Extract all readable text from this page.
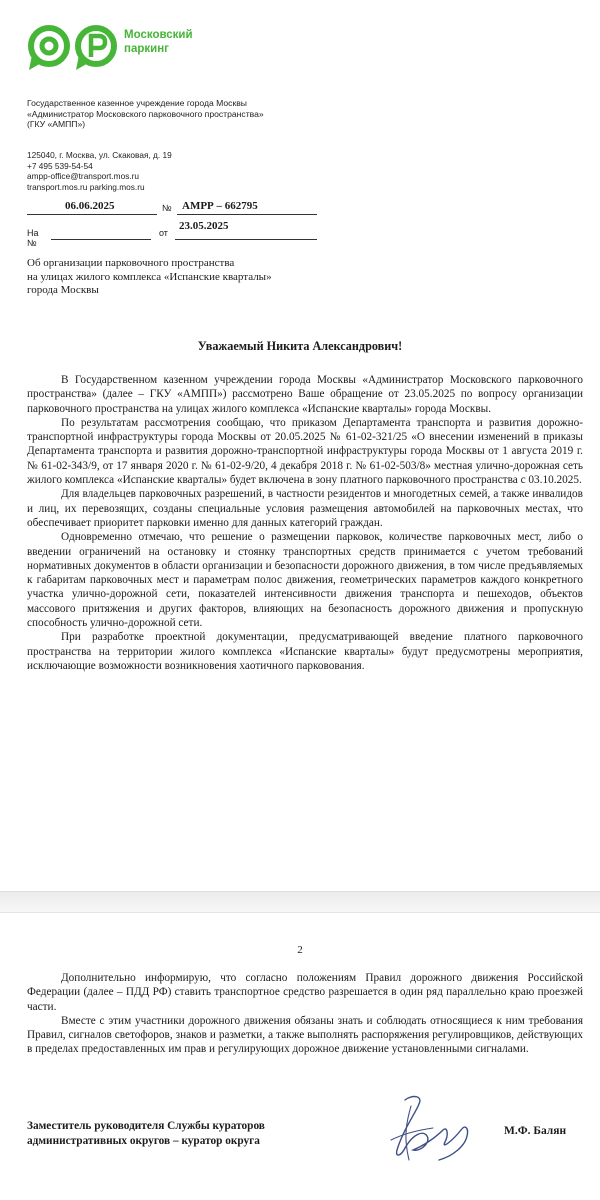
Московский
паркинг
Государственное казенное учреждение города Москвы
«Администратор Московского парковочного пространства»
(ГКУ «АМПП»)
125040, г. Москва, ул. Скаковая, д. 19
+7 495 539-54-54
ampp-office@transport.mos.ru
transport.mos.ru parking.mos.ru
06.06.2025	№ АМРР – 662795
На №
от
23.05.2025
Об организации парковочного пространства
на улицах жилого комплекса «Испанские кварталы»
города Москвы
Уважаемый Никита Александрович!

В Государственном казенном учреждении города Москвы «Администратор Московского парковочного пространства» (далее – ГКУ «АМПП») рассмотрено Ваше обращение от 23.05.2025 по вопросу организации парковочного пространства на улицах жилого комплекса «Испанские кварталы» города Москвы.

По результатам рассмотрения сообщаю, что приказом Департамента транспорта и развития дорожно-транспортной инфраструктуры города Москвы от 20.05.2025 № 61-02-321/25 «О внесении изменений в приказы Департамента транспорта и развития дорожно-транспортной инфраструктуры города Москвы от 1 августа 2019 г. № 61-02-343/9, от 17 января 2020 г. № 61-02-9/20, 4 декабря 2018 г. № 61-02-503/8» местная улично-дорожная сеть жилого комплекса «Испанские кварталы» будет включена в зону платного парковочного пространства с 03.10.2025.

Для владельцев парковочных разрешений, в частности резидентов и многодетных семей, а также инвалидов и лиц, их перевозящих, созданы специальные условия размещения автомобилей на парковочных местах, что обеспечивает приоритет парковки именно для данных категорий граждан.

Одновременно отмечаю, что решение о размещении парковок, количестве парковочных мест, либо о введении ограничений на остановку и стоянку транспортных средств принимается с учетом требований нормативных документов в области организации и безопасности дорожного движения, в том числе предъявляемых к габаритам парковочных мест и параметрам полос движения, геометрических параметров каждого конкретного участка улично-дорожной сети, показателей интенсивности движения транспорта и пешеходов, объектов массового притяжения и других факторов, влияющих на безопасность дорожного движения и пропускную способность улично-дорожной сети.

При разработке проектной документации, предусматривающей введение платного парковочного пространства на территории жилого комплекса «Испанские кварталы» будут предусмотрены мероприятия, исключающие возможности возникновения хаотичного парковования.

2

Дополнительно информирую, что согласно положениям Правил дорожного движения Российской Федерации (далее – ПДД РФ) ставить транспортное средство разрешается в один ряд параллельно краю проезжей части.

Вместе с этим участники дорожного движения обязаны знать и соблюдать относящиеся к ним требования Правил, сигналов светофоров, знаков и разметки, а также выполнять распоряжения регулировщиков, действующих в пределах предоставленных им прав и регулирующих дорожное движение установленными сигналами.

Заместитель руководителя Службы кураторов
административных округов – куратор округа
М.Ф. Балян
